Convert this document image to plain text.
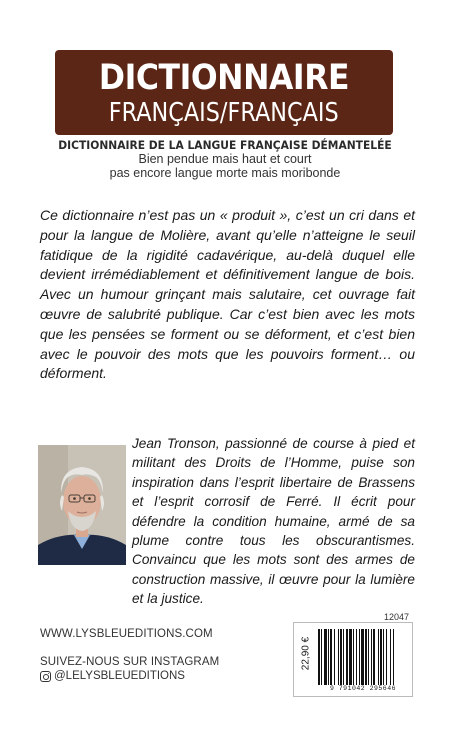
DICTIONNAIRE
FRANÇAIS/FRANÇAIS
DICTIONNAIRE DE LA LANGUE FRANÇAISE DÉMANTELÉE
Bien pendue mais haut et court
pas encore langue morte mais moribonde

Ce dictionnaire n’est pas un « produit », c’est un cri dans et pour la langue de Molière, avant qu’elle n’atteigne le seuil fatidique de la rigidité cadavérique, au-delà duquel elle devient irrémédiablement et définitivement langue de bois. Avec un humour grinçant mais salutaire, cet ouvrage fait œuvre de salubrité publique. Car c’est bien avec les mots que les pensées se forment ou se déforment, et c’est bien avec le pouvoir des mots que les pouvoirs forment… ou déforment.

Jean Tronson, passionné de course à pied et militant des Droits de l’Homme, puise son inspiration dans l’esprit libertaire de Brassens et l’esprit corrosif de Ferré. Il écrit pour défendre la condition humaine, armé de sa plume contre tous les obscurantismes. Convaincu que les mots sont des armes de construction massive, il œuvre pour la lumière et la justice.

WWW.LYSBLEUEDITIONS.COM
SUIVEZ-NOUS SUR INSTAGRAM
@LELYSBLEUEDITIONS
12047
22,90 €
9 791042 295646
